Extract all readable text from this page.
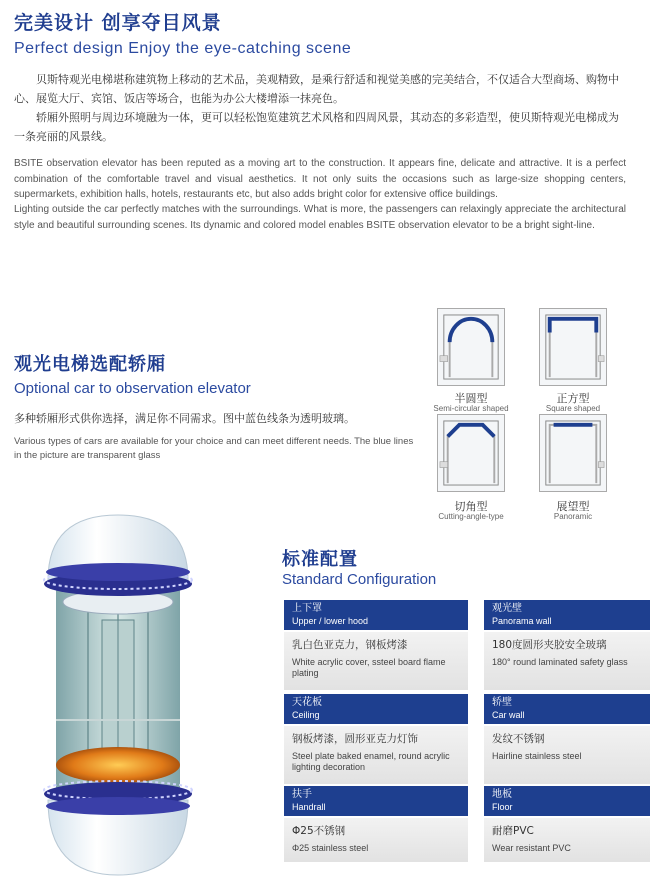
完美设计 创享夺目风景
Perfect design Enjoy the eye-catching scene
贝斯特观光电梯堪称建筑物上移动的艺术品，美观精致，是乘行舒适和视觉美感的完美结合，不仅适合大型商场、购物中心、展览大厅、宾馆、饭店等场合，也能为办公大楼增添一抹亮色。
轿厢外照明与周边环境融为一体，更可以轻松饱览建筑艺术风格和四周风景，其动态的多彩造型，使贝斯特观光电梯成为一条亮丽的风景线。
BSITE observation elevator has been reputed as a moving art to the construction. It appears fine, delicate and attractive. It is a perfect combination of the comfortable travel and visual aesthetics. It not only suits the occasions such as large-size shopping centers, supermarkets, exhibition halls, hotels, restaurants etc, but also adds bright color for extensive office buildings.
Lighting outside the car perfectly matches with the surroundings. What is more, the passengers can relaxingly appreciate the architectural style and beautiful surrounding scenes. Its dynamic and colored model enables BSITE observation elevator to be a bright sight-line.
观光电梯选配轿厢
Optional car to observation elevator
多种轿厢形式供你选择，满足你不同需求。图中蓝色线条为透明玻璃。
Various types of cars are available for your choice and can meet different needs. The blue lines in the picture are transparent glass
半圆型
Semi-circular shaped
正方型
Square shaped
切角型
Cutting-angle-type
展望型
Panoramic
标准配置
Standard Configuration
上下罩
Upper / lower hood
观光壁
Panorama wall
乳白色亚克力，钢板烤漆
White acrylic cover, ssteel board flame plating
180度圆形夹胶安全玻璃
180° round laminated safety glass
天花板
Ceiling
轿壁
Car wall
钢板烤漆，圆形亚克力灯饰
Steel plate baked enamel, round acrylic lighting decoration
发纹不锈钢
Hairline stainless steel
扶手
Handrall
地板
Floor
Φ25不锈钢
Φ25 stainless steel
耐磨PVC
Wear resistant PVC
